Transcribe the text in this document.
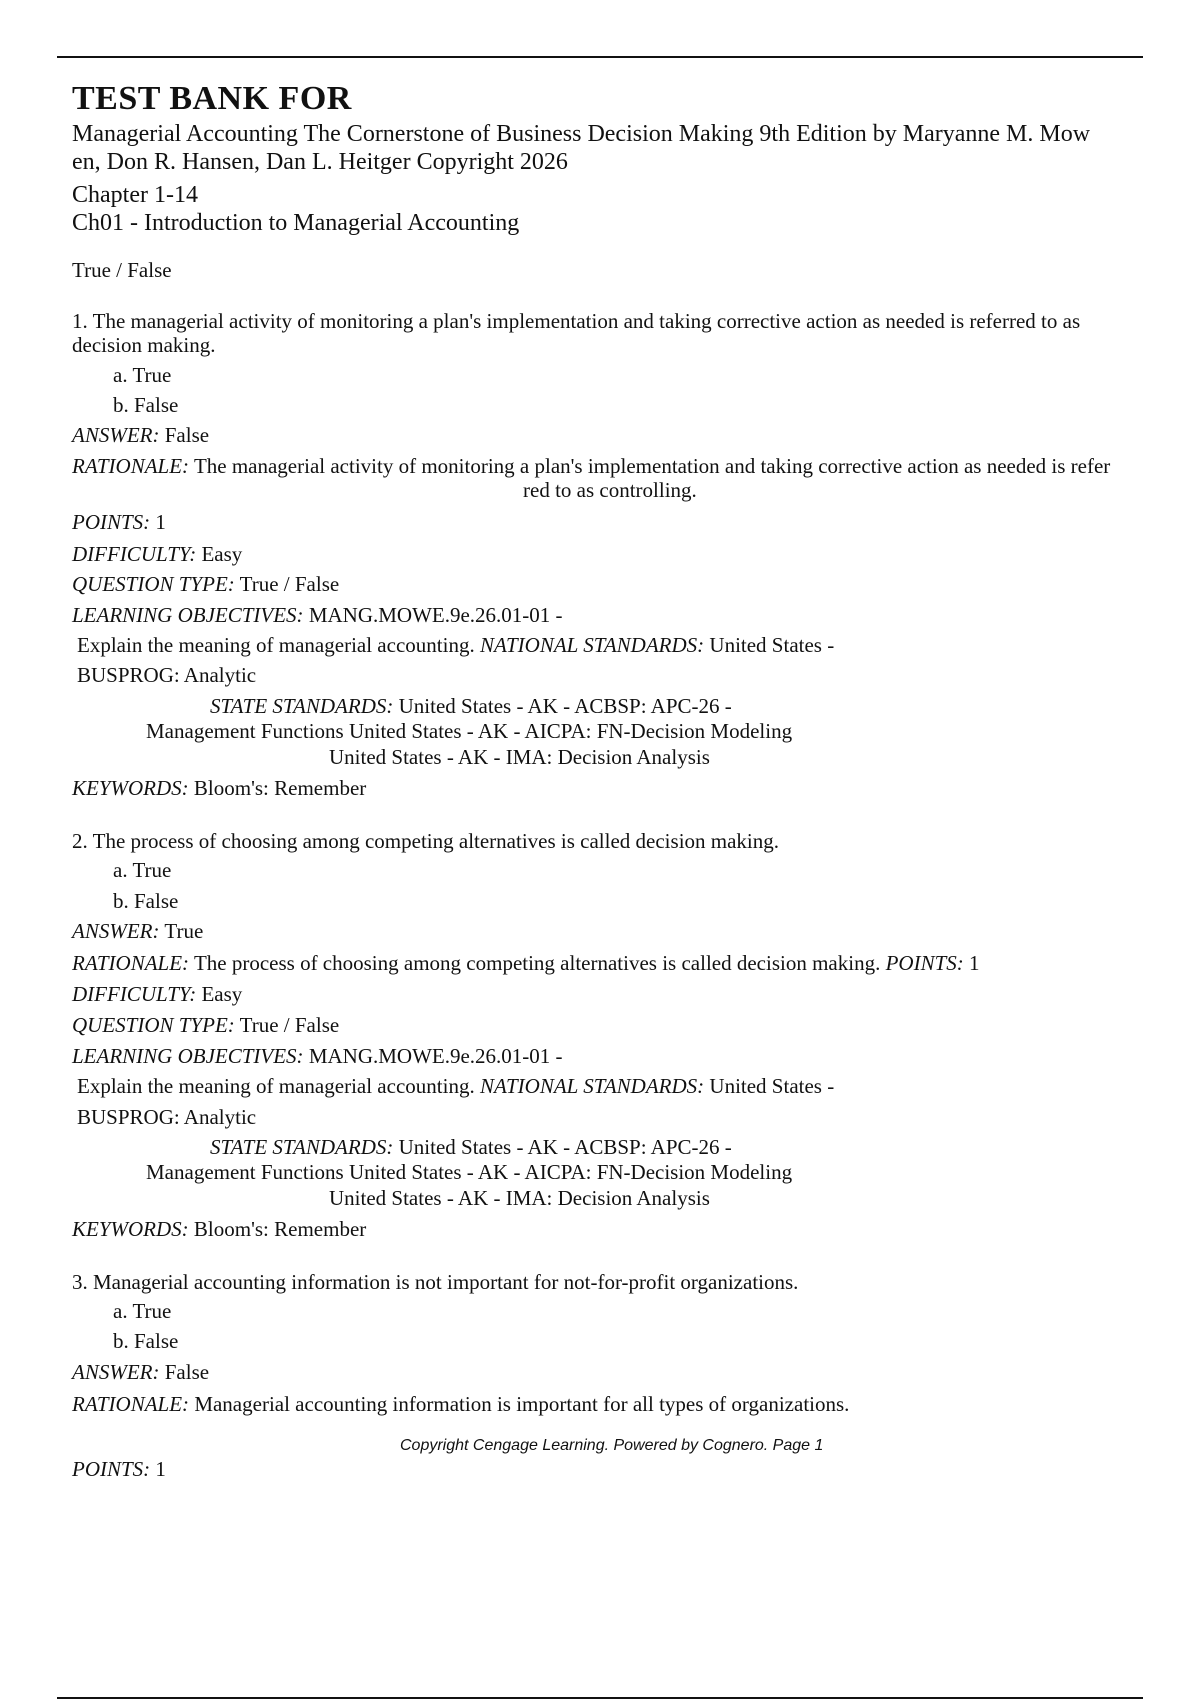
TEST BANK FOR
Managerial Accounting The Cornerstone of Business Decision Making 9th Edition by Maryanne M. Mow
en, Don R. Hansen, Dan L. Heitger Copyright 2026
Chapter 1-14
Ch01 - Introduction to Managerial Accounting
True / False
1. The managerial activity of monitoring a plan's implementation and taking corrective action as needed is referred to as
decision making.
a. True
b. False
ANSWER: False
RATIONALE: The managerial activity of monitoring a plan's implementation and taking corrective action as needed is refer
red to as controlling.
POINTS: 1
DIFFICULTY: Easy
QUESTION TYPE: True / False
LEARNING OBJECTIVES: MANG.MOWE.9e.26.01-01 -
Explain the meaning of managerial accounting. NATIONAL STANDARDS: United States -
BUSPROG: Analytic
STATE STANDARDS: United States - AK - ACBSP: APC-26 -
Management Functions United States - AK - AICPA: FN-Decision Modeling
United States - AK - IMA: Decision Analysis
KEYWORDS: Bloom's: Remember
2. The process of choosing among competing alternatives is called decision making.
a. True
b. False
ANSWER: True
RATIONALE: The process of choosing among competing alternatives is called decision making. POINTS: 1
DIFFICULTY: Easy
QUESTION TYPE: True / False
LEARNING OBJECTIVES: MANG.MOWE.9e.26.01-01 -
Explain the meaning of managerial accounting. NATIONAL STANDARDS: United States -
BUSPROG: Analytic
STATE STANDARDS: United States - AK - ACBSP: APC-26 -
Management Functions United States - AK - AICPA: FN-Decision Modeling
United States - AK - IMA: Decision Analysis
KEYWORDS: Bloom's: Remember
3. Managerial accounting information is not important for not-for-profit organizations.
a. True
b. False
ANSWER: False
RATIONALE: Managerial accounting information is important for all types of organizations.
Copyright Cengage Learning. Powered by Cognero. Page 1
POINTS: 1
